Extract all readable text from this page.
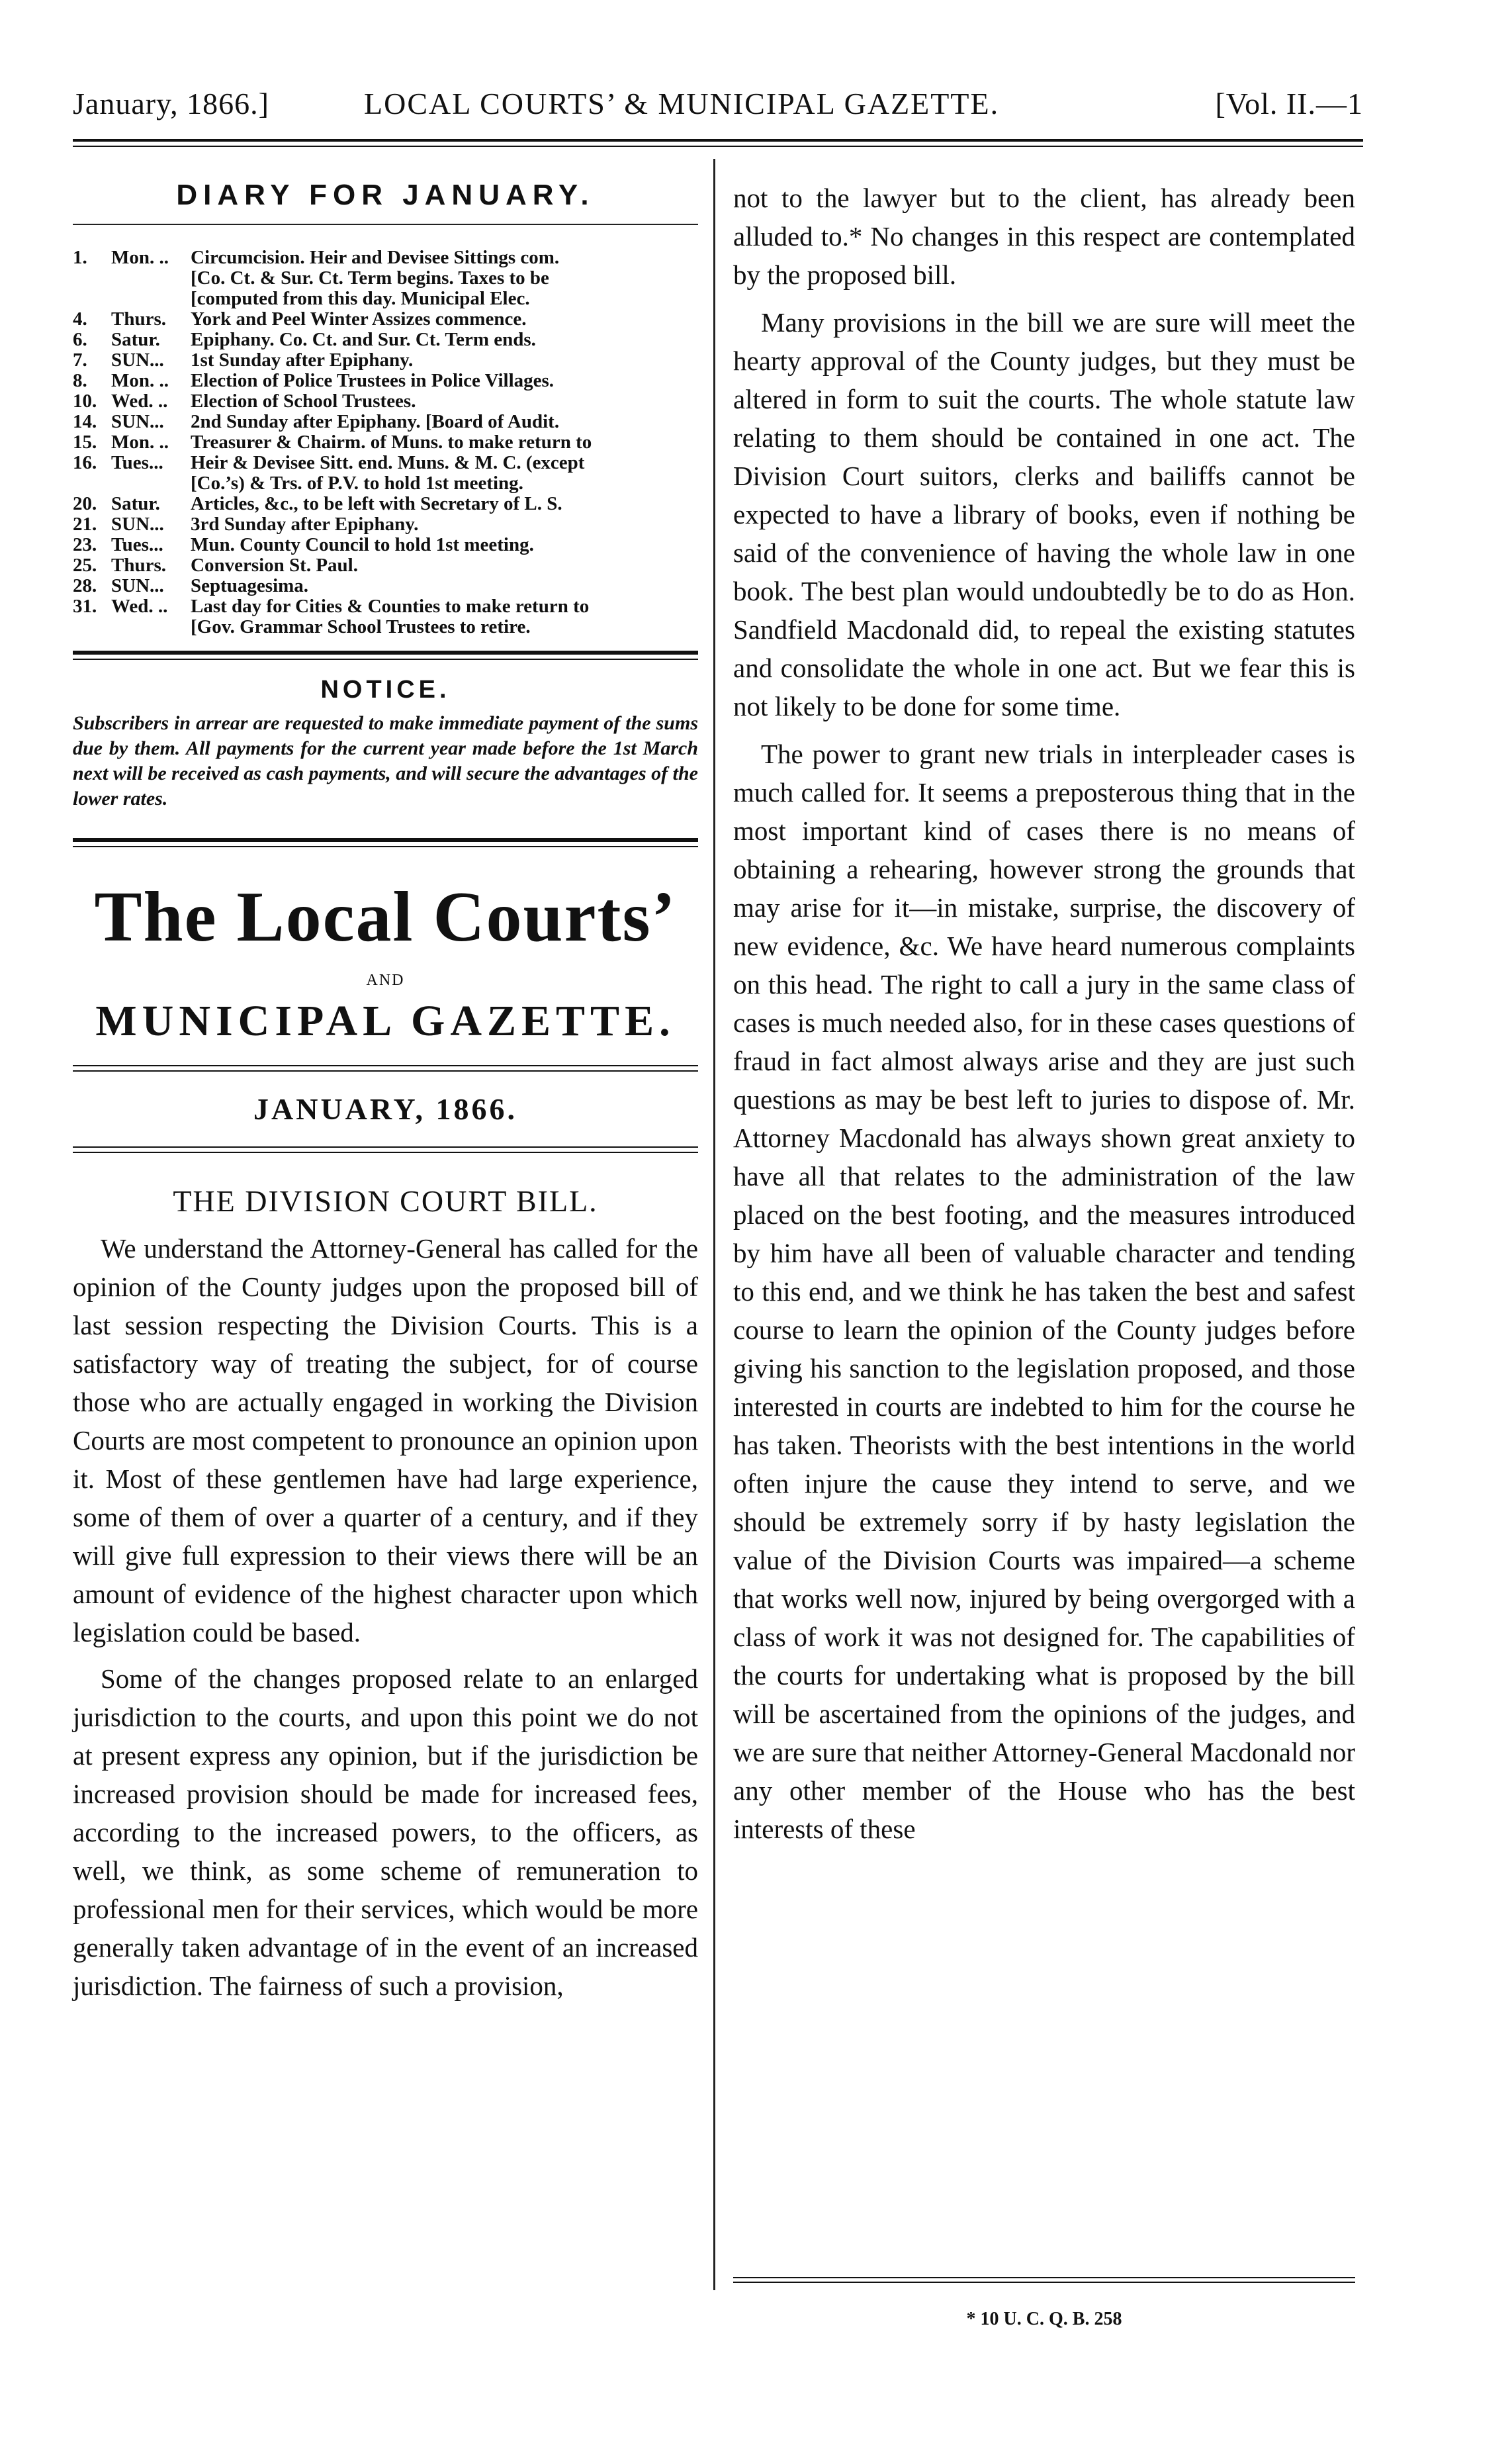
January, 1866.]	LOCAL COURTS’ & MUNICIPAL GAZETTE.	[Vol. II.—1
DIARY FOR JANUARY.
1.	Mon. ..	Circumcision. Heir and Devisee Sittings com.
[Co. Ct. & Sur. Ct. Term begins. Taxes to be
[computed from this day. Municipal Elec.
4.	Thurs.	York and Peel Winter Assizes commence.
6.	Satur.	Epiphany. Co. Ct. and Sur. Ct. Term ends.
7.	SUN...	1st Sunday after Epiphany.
8.	Mon. ..	Election of Police Trustees in Police Villages.
10. Wed. ..	Election of School Trustees.
14. SUN...	2nd Sunday after Epiphany. [Board of Audit.
15. Mon. ..	Treasurer & Chairm. of Muns. to make return to
16. Tues...	Heir & Devisee Sitt. end. Muns. & M. C. (except
[Co.’s) & Trs. of P.V. to hold 1st meeting.
20. Satur.	Articles, &c., to be left with Secretary of L. S.
21. SUN...	3rd Sunday after Epiphany.
23. Tues...	Mun. County Council to hold 1st meeting.
25. Thurs.	Conversion St. Paul.
28. SUN...	Septuagesima.
31. Wed. ..	Last day for Cities & Counties to make return to
[Gov. Grammar School Trustees to retire.
NOTICE.
Subscribers in arrear are requested to make immediate payment of the sums due by them. All payments for the current year made before the 1st March next will be received as cash payments, and will secure the advantages of the lower rates.
The Local Courts’
AND
MUNICIPAL GAZETTE.
JANUARY, 1866.
THE DIVISION COURT BILL.

We understand the Attorney-General has called for the opinion of the County judges upon the proposed bill of last session respecting the Division Courts. This is a satisfactory way of treating the subject, for of course those who are actually engaged in working the Division Courts are most competent to pronounce an opinion upon it. Most of these gentlemen have had large experience, some of them of over a quarter of a century, and if they will give full expression to their views there will be an amount of evidence of the highest character upon which legislation could be based.

Some of the changes proposed relate to an enlarged jurisdiction to the courts, and upon this point we do not at present express any opinion, but if the jurisdiction be increased provision should be made for increased fees, according to the increased powers, to the officers, as well, we think, as some scheme of remuneration to professional men for their services, which would be more generally taken advantage of in the event of an increased jurisdiction. The fairness of such a provision,

not to the lawyer but to the client, has already been alluded to.* No changes in this respect are contemplated by the proposed bill.

Many provisions in the bill we are sure will meet the hearty approval of the County judges, but they must be altered in form to suit the courts. The whole statute law relating to them should be contained in one act. The Division Court suitors, clerks and bailiffs cannot be expected to have a library of books, even if nothing be said of the convenience of having the whole law in one book. The best plan would undoubtedly be to do as Hon. Sandfield Macdonald did, to repeal the existing statutes and consolidate the whole in one act. But we fear this is not likely to be done for some time.

The power to grant new trials in interpleader cases is much called for. It seems a preposterous thing that in the most important kind of cases there is no means of obtaining a rehearing, however strong the grounds that may arise for it—in mistake, surprise, the discovery of new evidence, &c. We have heard numerous complaints on this head. The right to call a jury in the same class of cases is much needed also, for in these cases questions of fraud in fact almost always arise and they are just such questions as may be best left to juries to dispose of. Mr. Attorney Macdonald has always shown great anxiety to have all that relates to the administration of the law placed on the best footing, and the measures introduced by him have all been of valuable character and tending to this end, and we think he has taken the best and safest course to learn the opinion of the County judges before giving his sanction to the legislation proposed, and those interested in courts are indebted to him for the course he has taken. Theorists with the best intentions in the world often injure the cause they intend to serve, and we should be extremely sorry if by hasty legislation the value of the Division Courts was impaired—a scheme that works well now, injured by being overgorged with a class of work it was not designed for. The capabilities of the courts for undertaking what is proposed by the bill will be ascertained from the opinions of the judges, and we are sure that neither Attorney-General Macdonald nor any other member of the House who has the best interests of these

* 10 U. C. Q. B. 258
